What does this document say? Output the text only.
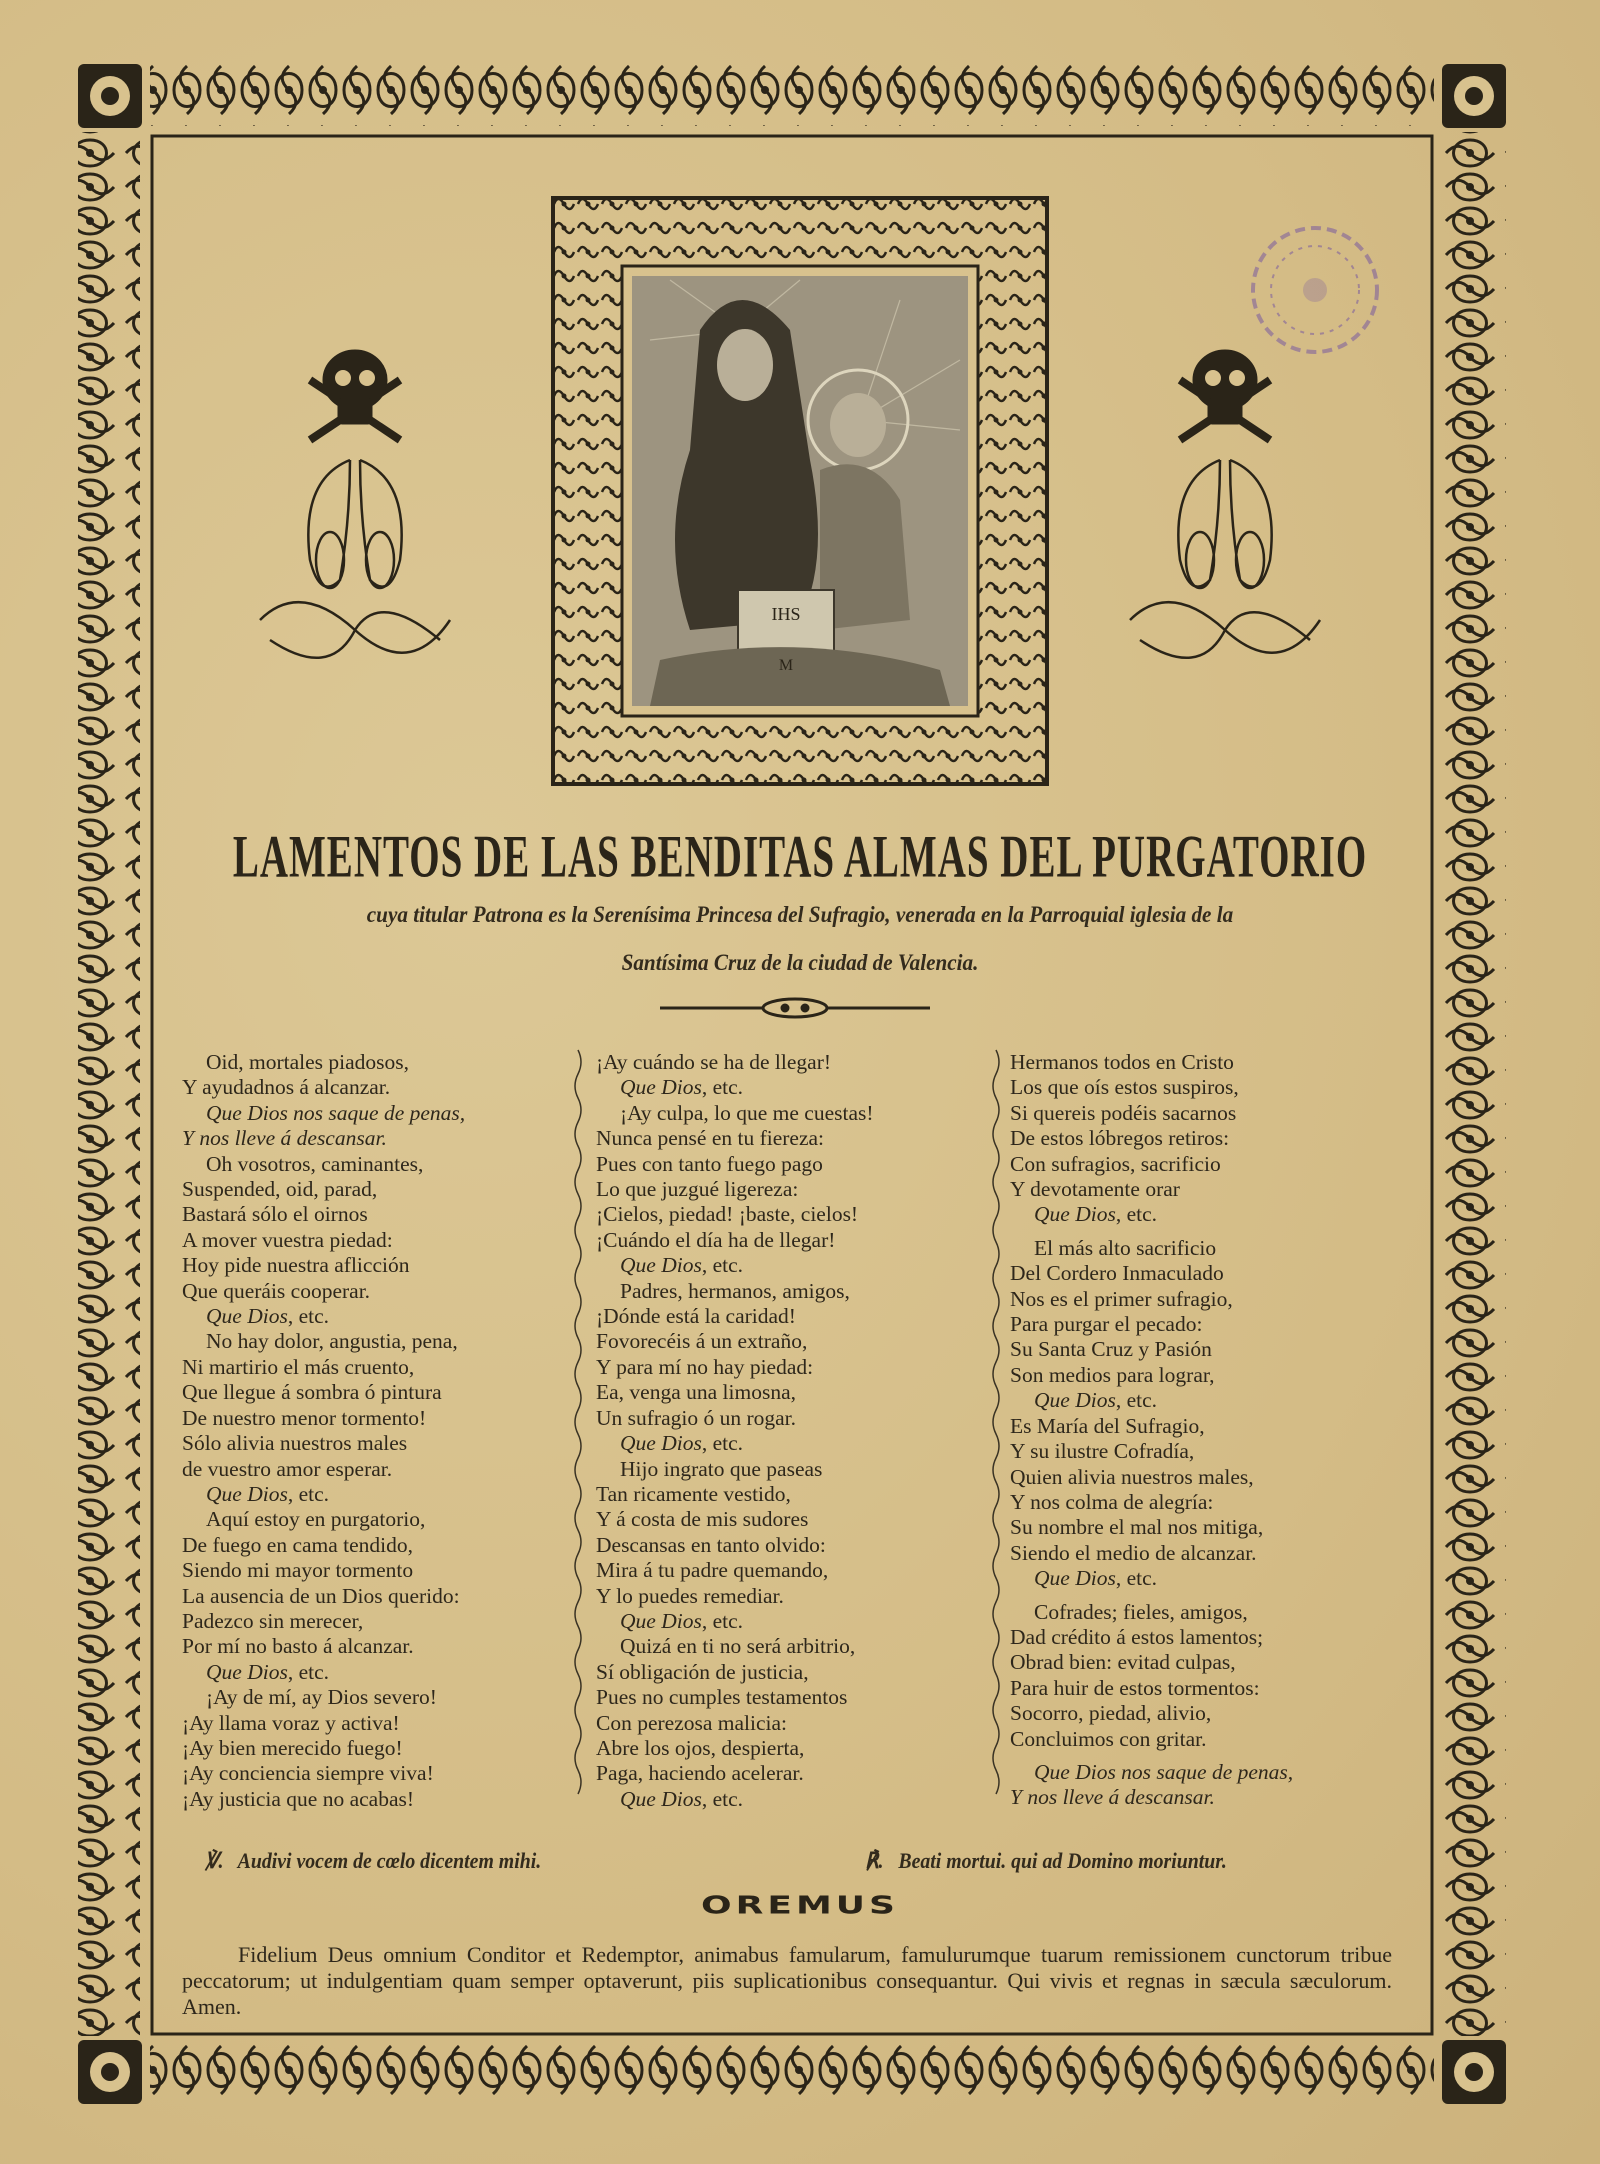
IHS
M
LAMENTOS DE LAS BENDITAS ALMAS DEL PURGATORIO
cuya titular Patrona es la Serenísima Princesa del Sufragio, venerada en la Parroquial iglesia de la
Santísima Cruz de la ciudad de Valencia.
Oid, mortales piadosos,
Y ayudadnos á alcanzar.
Que Dios nos saque de penas,
Y nos lleve á descansar.
Oh vosotros, caminantes,
Suspended, oid, parad,
Bastará sólo el oirnos
A mover vuestra piedad:
Hoy pide nuestra aflicción
Que queráis cooperar.
Que Dios, etc.
No hay dolor, angustia, pena,
Ni martirio el más cruento,
Que llegue á sombra ó pintura
De nuestro menor tormento!
Sólo alivia nuestros males
de vuestro amor esperar.
Que Dios, etc.
Aquí estoy en purgatorio,
De fuego en cama tendido,
Siendo mi mayor tormento
La ausencia de un Dios querido:
Padezco sin merecer,
Por mí no basto á alcanzar.
Que Dios, etc.
¡Ay de mí, ay Dios severo!
¡Ay llama voraz y activa!
¡Ay bien merecido fuego!
¡Ay conciencia siempre viva!
¡Ay justicia que no acabas!
¡Ay cuándo se ha de llegar!
Que Dios, etc.
¡Ay culpa, lo que me cuestas!
Nunca pensé en tu fiereza:
Pues con tanto fuego pago
Lo que juzgué ligereza:
¡Cielos, piedad! ¡baste, cielos!
¡Cuándo el día ha de llegar!
Que Dios, etc.
Padres, hermanos, amigos,
¡Dónde está la caridad!
Fovorecéis á un extraño,
Y para mí no hay piedad:
Ea, venga una limosna,
Un sufragio ó un rogar.
Que Dios, etc.
Hijo ingrato que paseas
Tan ricamente vestido,
Y á costa de mis sudores
Descansas en tanto olvido:
Mira á tu padre quemando,
Y lo puedes remediar.
Que Dios, etc.
Quizá en ti no será arbitrio,
Sí obligación de justicia,
Pues no cumples testamentos
Con perezosa malicia:
Abre los ojos, despierta,
Paga, haciendo acelerar.
Que Dios, etc.
Hermanos todos en Cristo
Los que oís estos suspiros,
Si quereis podéis sacarnos
De estos lóbregos retiros:
Con sufragios, sacrificio
Y devotamente orar
Que Dios, etc.
El más alto sacrificio
Del Cordero Inmaculado
Nos es el primer sufragio,
Para purgar el pecado:
Su Santa Cruz y Pasión
Son medios para lograr,
Que Dios, etc.
Es María del Sufragio,
Y su ilustre Cofradía,
Quien alivia nuestros males,
Y nos colma de alegría:
Su nombre el mal nos mitiga,
Siendo el medio de alcanzar.
Que Dios, etc.
Cofrades; fieles, amigos,
Dad crédito á estos lamentos;
Obrad bien: evitad culpas,
Para huir de estos tormentos:
Socorro, piedad, alivio,
Concluimos con gritar.
Que Dios nos saque de penas,
Y nos lleve á descansar.
℣. Audivi vocem de cœlo dicentem mihi.	℟. Beati mortui. qui ad Domino moriuntur.
OREMUS
Fidelium Deus omnium Conditor et Redemptor, animabus famularum, famulurumque tuarum remissionem cunctorum tribue peccatorum; ut indulgentiam quam semper optaverunt, piis suplicationibus consequantur. Qui vivis et regnas in sæcula sæculorum. Amen.
